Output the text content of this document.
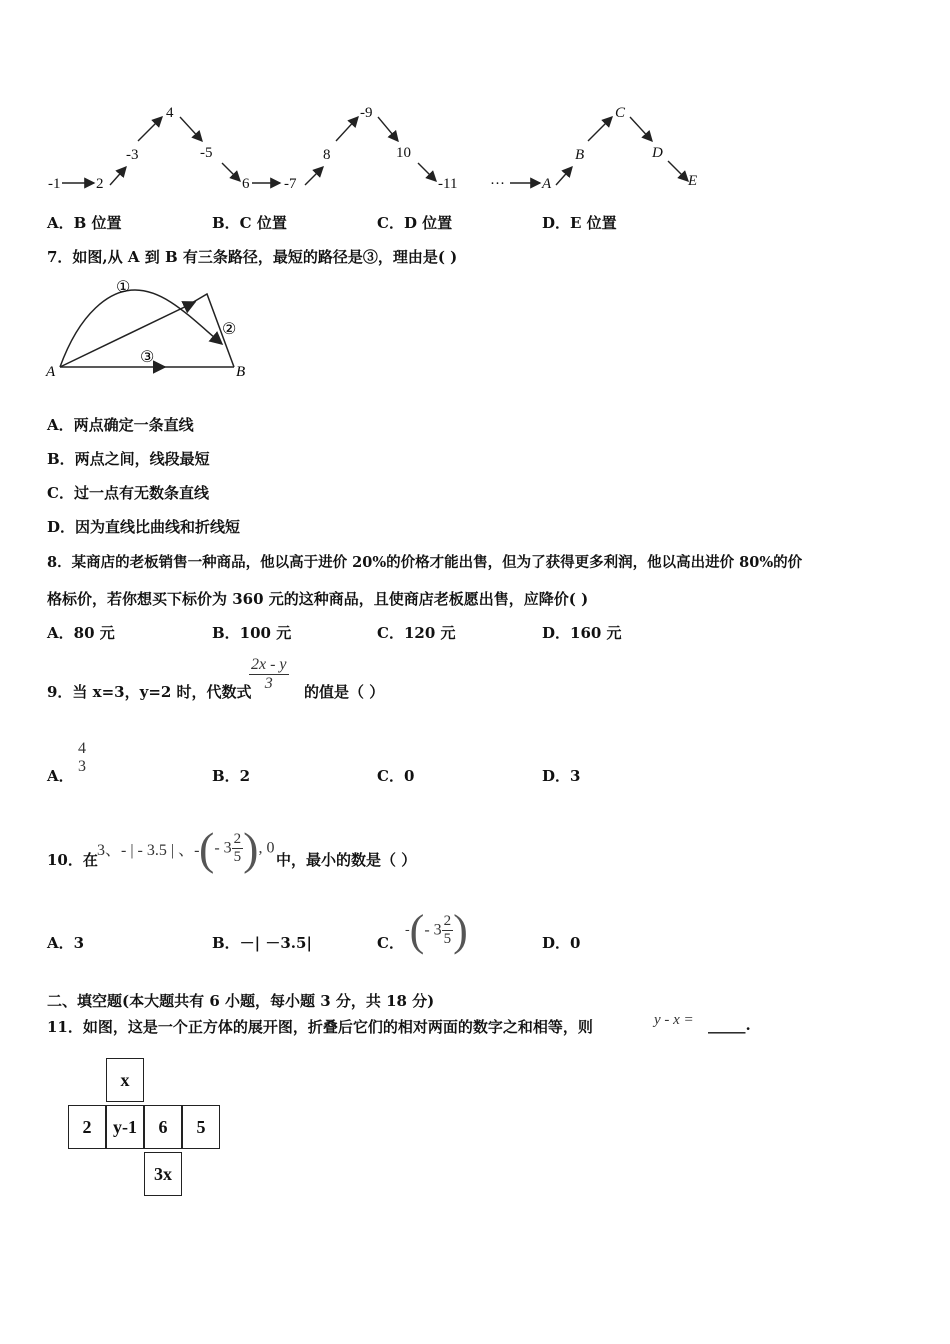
-1 2
-3
4
-5
6 -7
8
-9
10
-11 ··· A
B
C
D
E
A．B 位置	B．C 位置	C．D 位置	D．E 位置
7．如图,从 A 到 B 有三条路径，最短的路径是③，理由是( )
A	B
①
②
③
A．两点确定一条直线
B．两点之间，线段最短
C．过一点有无数条直线
D．因为直线比曲线和折线短
8．某商店的老板销售一种商品，他以高于进价 20%的价格才能出售，但为了获得更多利润，他以高出进价 80%的价
格标价，若你想买下标价为 360 元的这种商品，且使商店老板愿出售，应降价( )
A．80 元	B．100 元	C．120 元	D．160 元
9．当 x=3，y=2 时，代数式
$\frac{2x - y}{3}$ 的值是（ ）
A．
4
3
B．2	C．0	D．3
10．在
3、- | - 3.5 | 、- (- $3 \frac{2}{5}$ ), 0
中，最小的数是（ ）
A．3	B．－| －3.5|	C．
-(- $3 \frac{2}{5}$ )	D．0
二、填空题(本大题共有 6 小题，每小题 3 分，共 18 分)
11．如图，这是一个正方体的展开图，折叠后它们的相对两面的数字之和相等，则	y - x = _____.
x
2	y-1	6	5
3x
